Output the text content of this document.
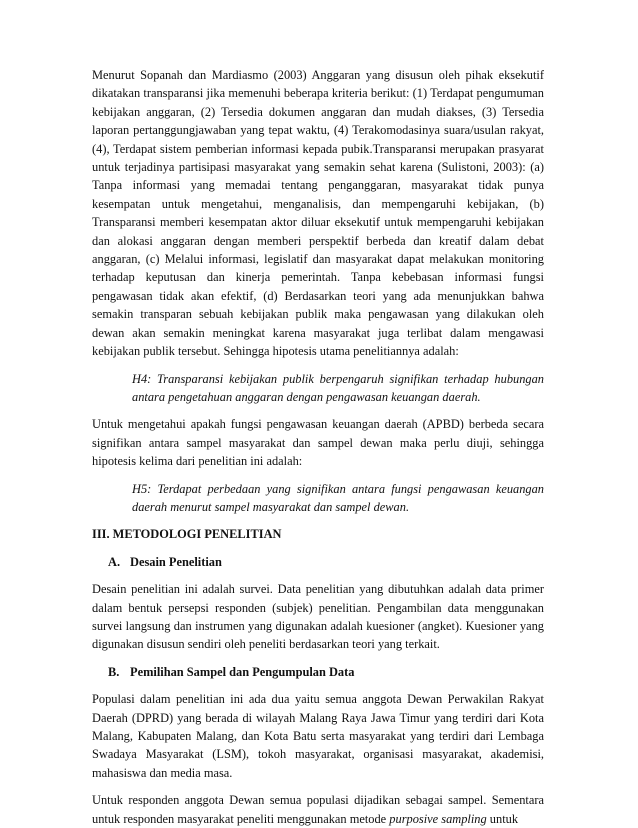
Menurut Sopanah dan Mardiasmo (2003) Anggaran yang disusun oleh pihak eksekutif dikatakan transparansi jika memenuhi beberapa kriteria berikut: (1) Terdapat pengumuman kebijakan anggaran, (2) Tersedia dokumen anggaran dan mudah diakses, (3) Tersedia laporan pertanggungjawaban yang tepat waktu, (4) Terakomodasinya suara/usulan rakyat, (4), Terdapat sistem pemberian informasi kepada pubik.Transparansi merupakan prasyarat untuk terjadinya partisipasi masyarakat yang semakin sehat karena (Sulistoni, 2003): (a) Tanpa informasi yang memadai tentang penganggaran, masyarakat tidak punya kesempatan untuk mengetahui, menganalisis, dan mempengaruhi kebijakan, (b) Transparansi memberi kesempatan aktor diluar eksekutif untuk mempengaruhi kebijakan dan alokasi anggaran dengan memberi perspektif berbeda dan kreatif dalam debat anggaran, (c) Melalui informasi, legislatif dan masyarakat dapat melakukan monitoring terhadap keputusan dan kinerja pemerintah. Tanpa kebebasan informasi fungsi pengawasan tidak akan efektif, (d) Berdasarkan teori yang ada menunjukkan bahwa semakin transparan sebuah kebijakan publik maka pengawasan yang dilakukan oleh dewan akan semakin meningkat karena masyarakat juga terlibat dalam mengawasi kebijakan publik tersebut. Sehingga hipotesis utama penelitiannya adalah:

H4: Transparansi kebijakan publik berpengaruh signifikan terhadap hubungan antara pengetahuan anggaran dengan pengawasan keuangan daerah.

Untuk mengetahui apakah fungsi pengawasan keuangan daerah (APBD) berbeda secara signifikan antara sampel masyarakat dan sampel dewan maka perlu diuji, sehingga hipotesis kelima dari penelitian ini adalah:

H5: Terdapat perbedaan yang signifikan antara fungsi pengawasan keuangan daerah menurut sampel masyarakat dan sampel dewan.

III. METODOLOGI PENELITIAN

A. Desain Penelitian

Desain penelitian ini adalah survei. Data penelitian yang dibutuhkan adalah data primer dalam bentuk persepsi responden (subjek) penelitian. Pengambilan data menggunakan survei langsung dan instrumen yang digunakan adalah kuesioner (angket). Kuesioner yang digunakan disusun sendiri oleh peneliti berdasarkan teori yang terkait.

B. Pemilihan Sampel dan Pengumpulan Data

Populasi dalam penelitian ini ada dua yaitu semua anggota Dewan Perwakilan Rakyat Daerah (DPRD) yang berada di wilayah Malang Raya Jawa Timur yang terdiri dari Kota Malang, Kabupaten Malang, dan Kota Batu serta masyarakat yang terdiri dari Lembaga Swadaya Masyarakat (LSM), tokoh masyarakat, organisasi masyarakat, akademisi, mahasiswa dan media masa.

Untuk responden anggota Dewan semua populasi dijadikan sebagai sampel. Sementara untuk responden masyarakat peneliti menggunakan metode purposive sampling untuk
